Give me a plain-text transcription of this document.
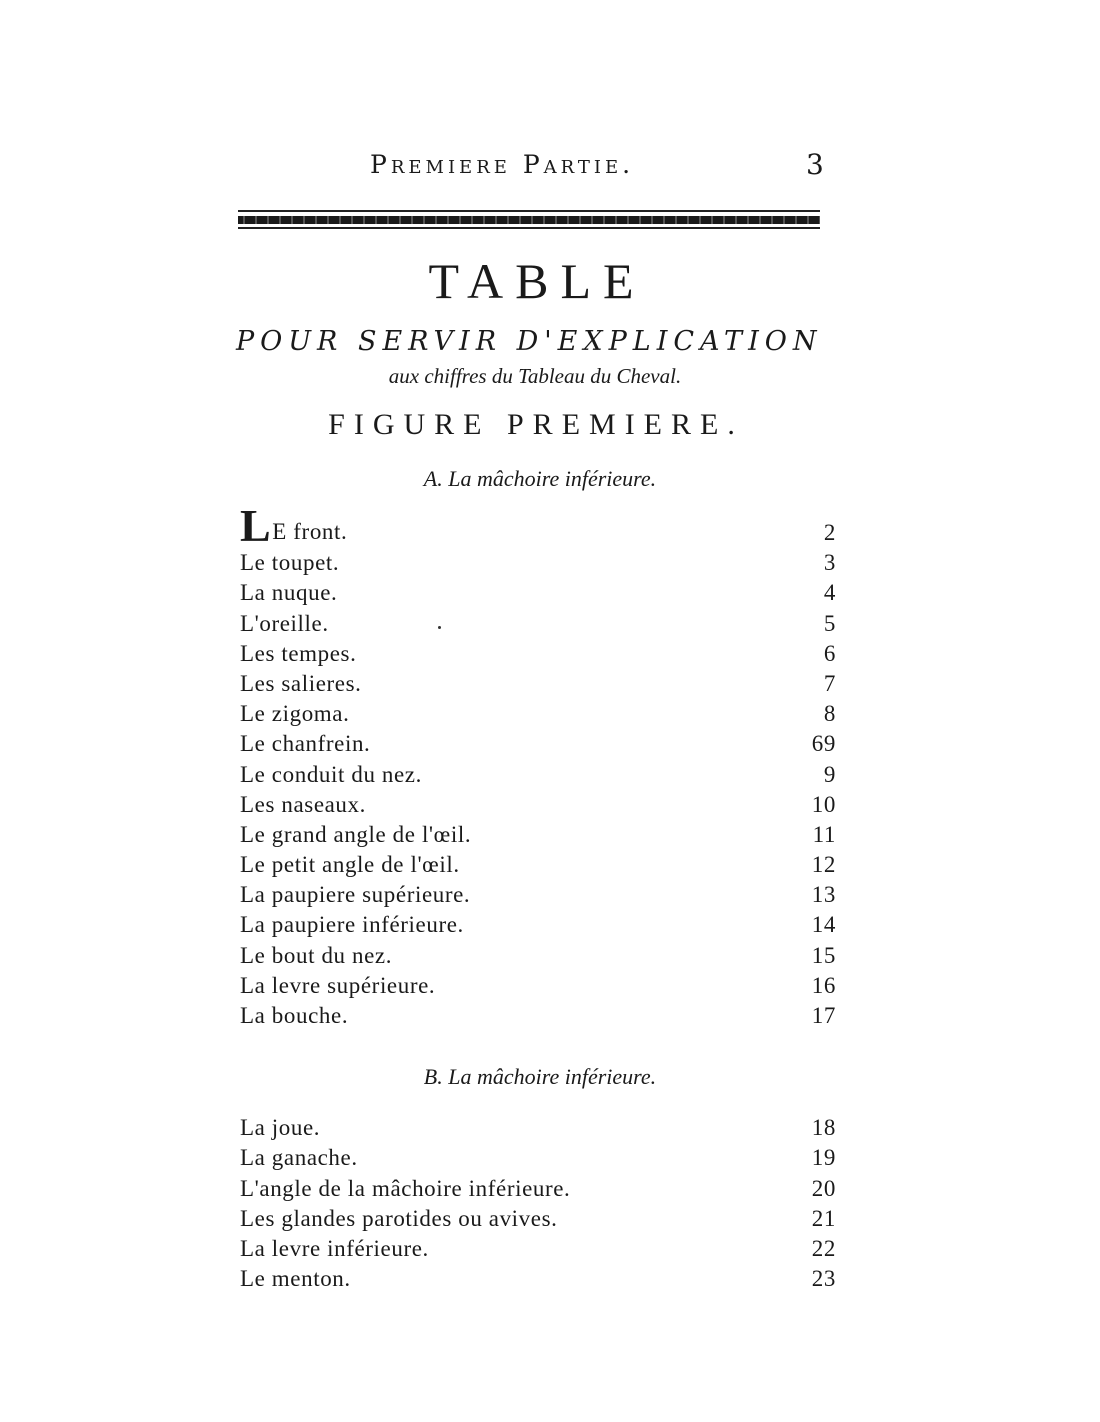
Premiere Partie.	3
TABLE
POUR SERVIR D'EXPLICATION
aux chiffres du Tableau du Cheval.
FIGURE PREMIERE.
A. La mâchoire inférieure.
LE front.	2
Le toupet.	3
La nuque.	4
L'oreille.	5
Les tempes.	6
Les salieres.	7
Le zigoma.	8
Le chanfrein.	69
Le conduit du nez.	9
Les naseaux.	10
Le grand angle de l'œil.	11
Le petit angle de l'œil.	12
La paupiere supérieure.	13
La paupiere inférieure.	14
Le bout du nez.	15
La levre supérieure.	16
La bouche.	17
B. La mâchoire inférieure.
La joue.	18
La ganache.	19
L'angle de la mâchoire inférieure.	20
Les glandes parotides ou avives.	21
La levre inférieure.	22
Le menton.	23
